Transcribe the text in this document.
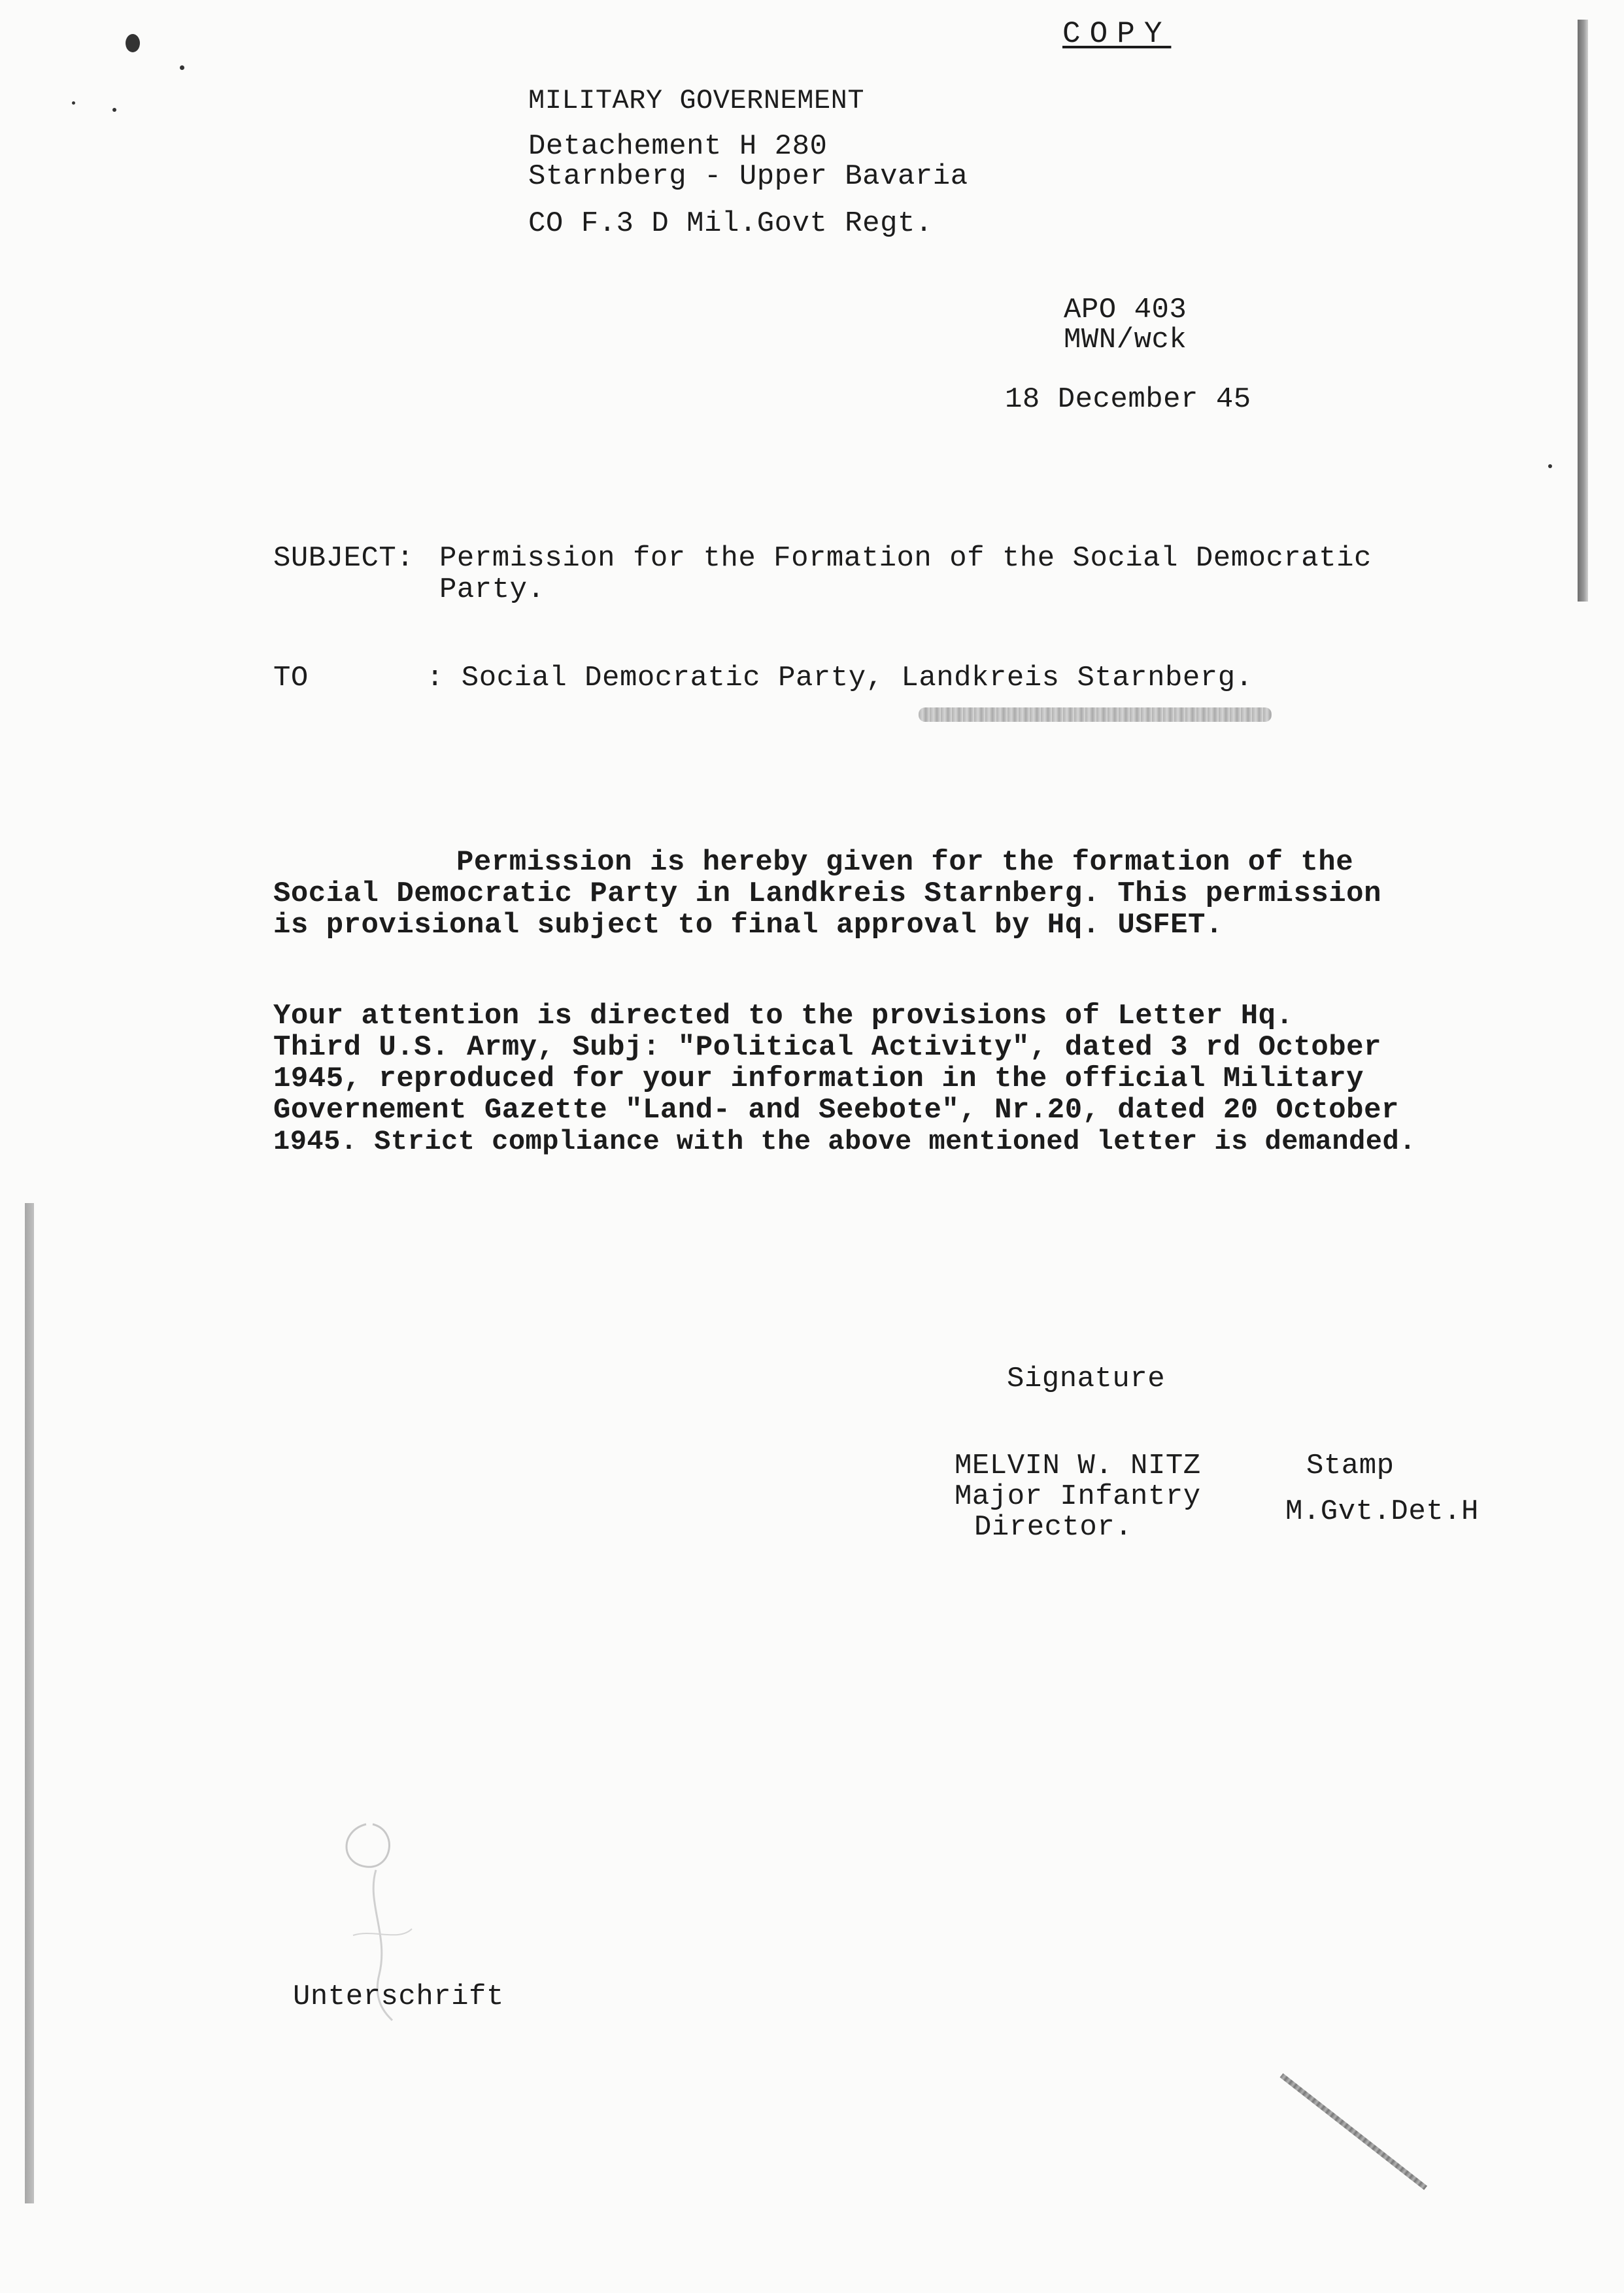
COPY
MILITARY GOVERNEMENT
Detachement H 280
Starnberg - Upper Bavaria
CO F.3 D Mil.Govt Regt.
APO 403
MWN/wck
18 December 45
SUBJECT: Permission for the Formation of the Social Democratic
Party.
TO	: Social Democratic Party, Landkreis Starnberg.
Permission is hereby given for the formation of the
Social Democratic Party in Landkreis Starnberg. This permission
is provisional subject to final approval by Hq. USFET.
Your attention is directed to the provisions of Letter Hq.
Third U.S. Army, Subj: "Political Activity", dated 3 rd October
1945, reproduced for your information in the official Military
Governement Gazette "Land- and Seebote", Nr.20, dated 20 October
1945. Strict compliance with the above mentioned letter is demanded.
Signature
MELVIN W. NITZ
Major Infantry
Director.
Stamp
M.Gvt.Det.H
Unterschrift
